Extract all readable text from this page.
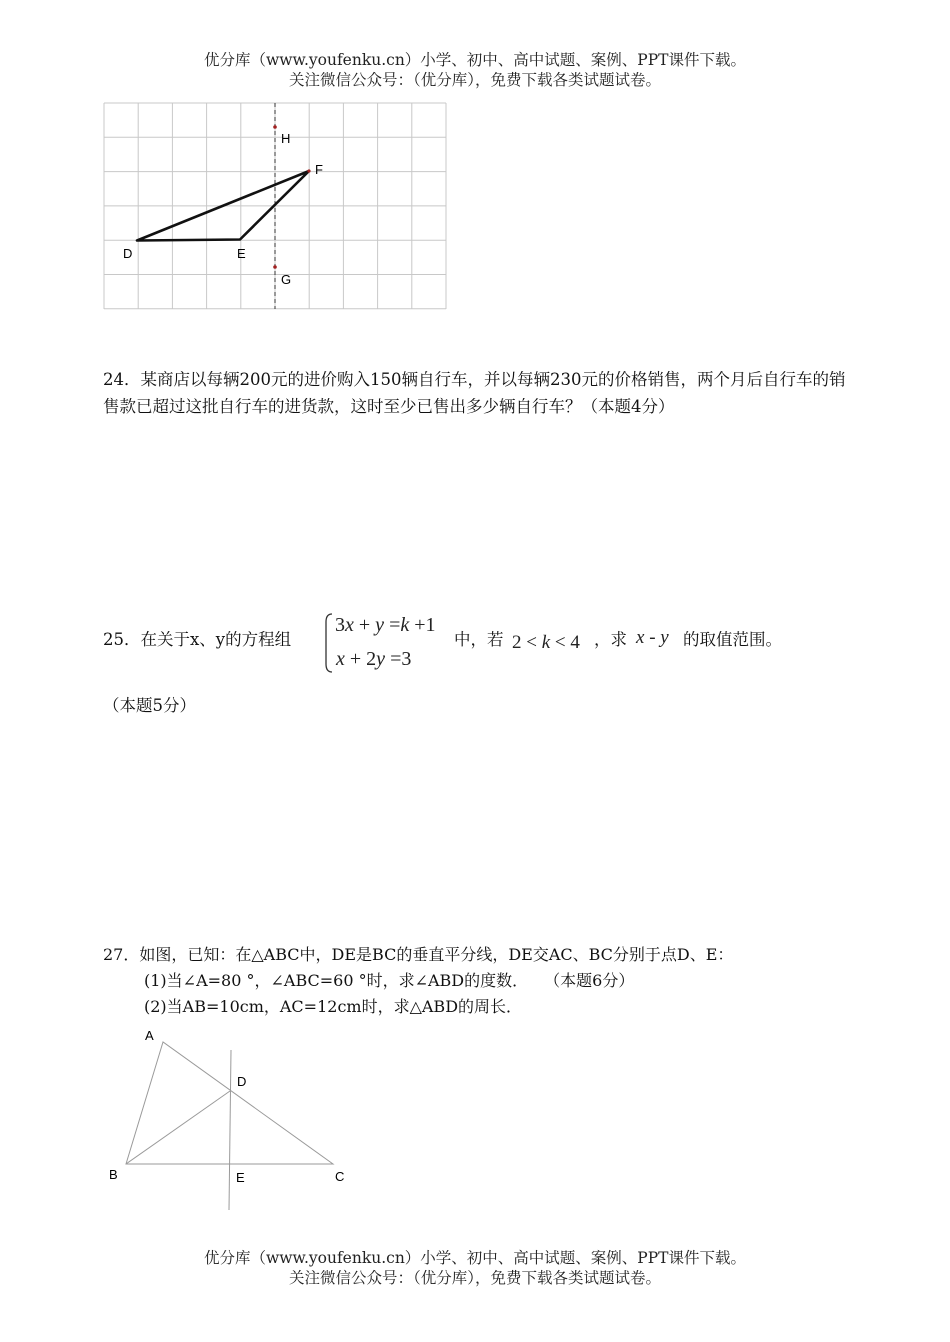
优分库（www.youfenku.cn）小学、初中、高中试题、案例、PPT课件下载。
关注微信公众号：（优分库），免费下载各类试题试卷。
H
F
D	E
G
24．某商店以每辆200元的进价购入150辆自行车，并以每辆230元的价格销售，两个月后自行车的销售款已超过这批自行车的进货款，这时至少已售出多少辆自行车？（本题4分）
25．在关于x、y的方程组
3x + y =k +1
x + 2y =3
中，若 2 < k < 4 ，求 x - y 的取值范围。
（本题5分）
27．如图，已知：在△ABC中，DE是BC的垂直平分线，DE交AC、BC分别于点D、E：
(1)当∠A=80 °，∠ABC=60 °时，求∠ABD的度数．　　（本题6分）
(2)当AB=10cm，AC=12cm时，求△ABD的周长．
A
D
B	E	C
优分库（www.youfenku.cn）小学、初中、高中试题、案例、PPT课件下载。
关注微信公众号：（优分库），免费下载各类试题试卷。
